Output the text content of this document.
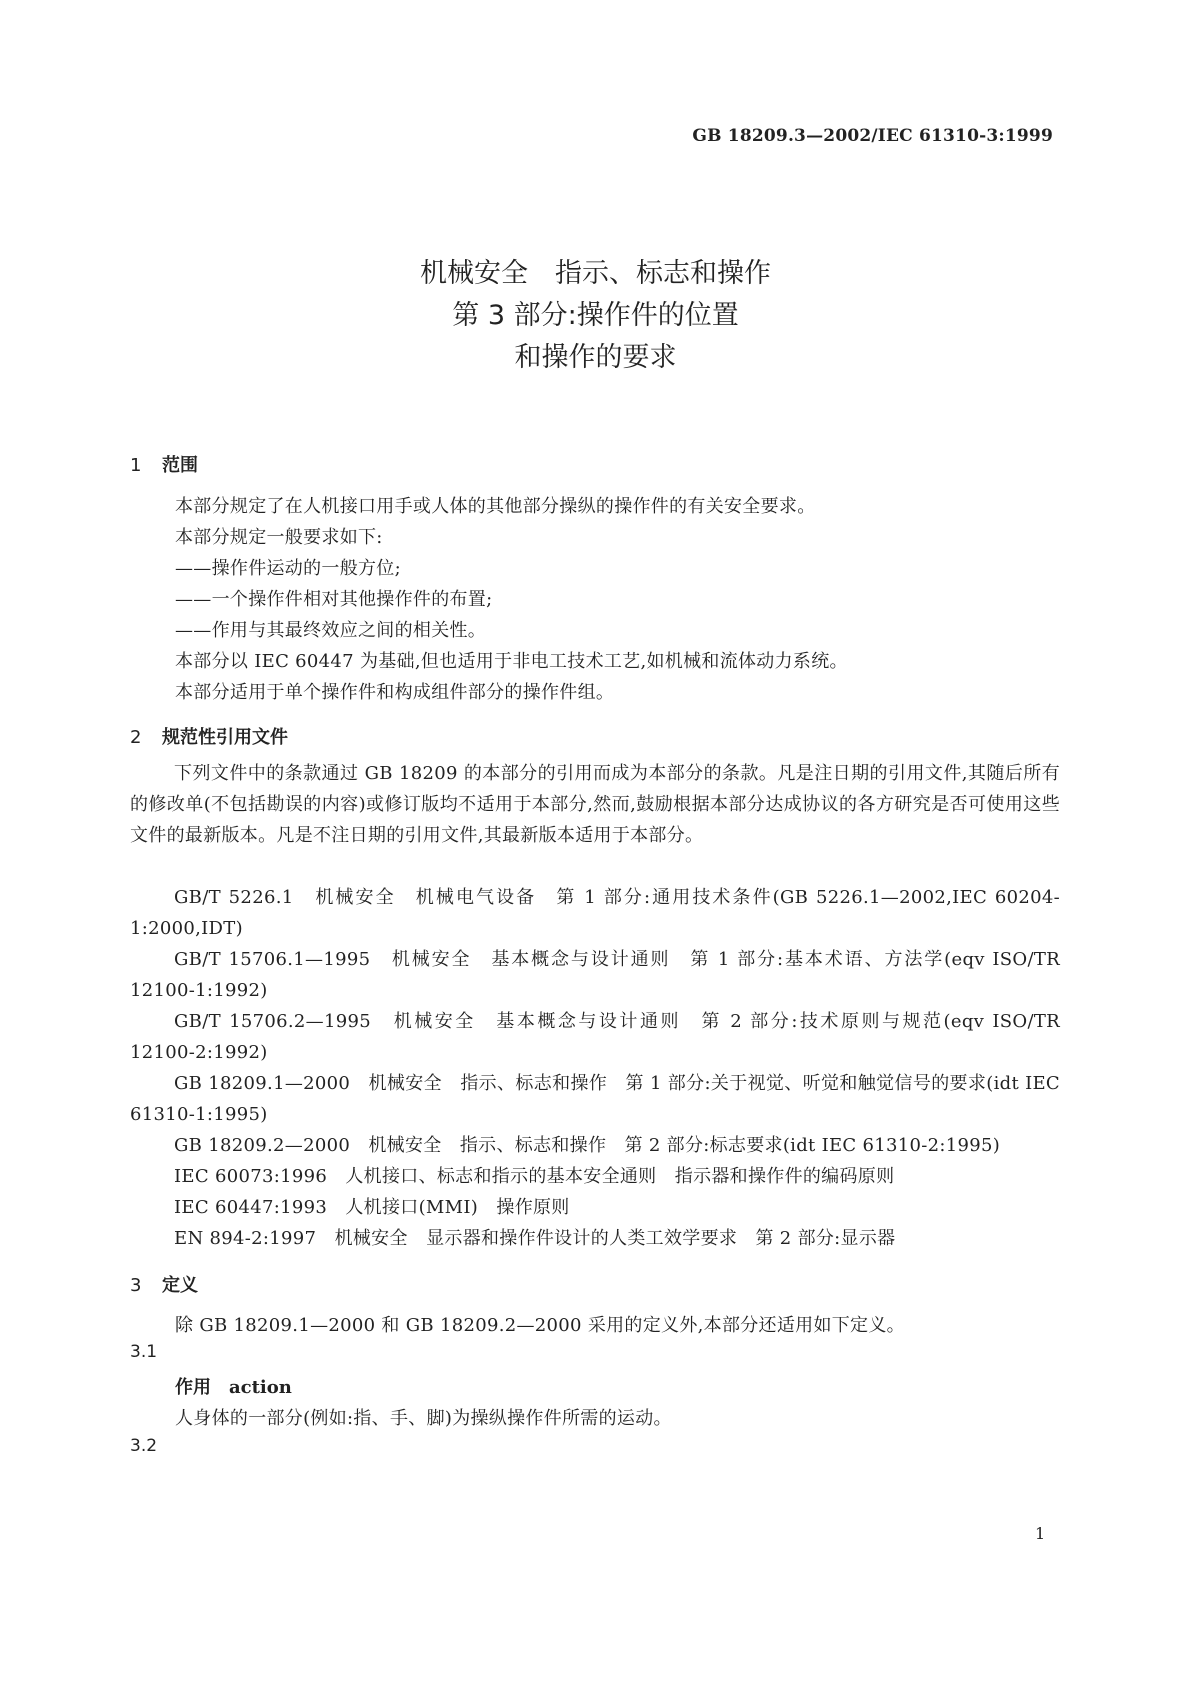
GB 18209.3—2002/IEC 61310-3:1999
机械安全　指示、标志和操作
第 3 部分:操作件的位置
和操作的要求
1 范围
本部分规定了在人机接口用手或人体的其他部分操纵的操作件的有关安全要求。
本部分规定一般要求如下:
——操作件运动的一般方位;
——一个操作件相对其他操作件的布置;
——作用与其最终效应之间的相关性。
本部分以 IEC 60447 为基础,但也适用于非电工技术工艺,如机械和流体动力系统。
本部分适用于单个操作件和构成组件部分的操作件组。
2 规范性引用文件
下列文件中的条款通过 GB 18209 的本部分的引用而成为本部分的条款。凡是注日期的引用文件,其随后所有的修改单(不包括勘误的内容)或修订版均不适用于本部分,然而,鼓励根据本部分达成协议的各方研究是否可使用这些文件的最新版本。凡是不注日期的引用文件,其最新版本适用于本部分。
GB/T 5226.1　机械安全　机械电气设备　第 1 部分:通用技术条件(GB 5226.1—2002,IEC 60204-1:2000,IDT)
GB/T 15706.1—1995　机械安全　基本概念与设计通则　第 1 部分:基本术语、方法学(eqv ISO/TR 12100-1:1992)
GB/T 15706.2—1995　机械安全　基本概念与设计通则　第 2 部分:技术原则与规范(eqv ISO/TR 12100-2:1992)
GB 18209.1—2000　机械安全　指示、标志和操作　第 1 部分:关于视觉、听觉和触觉信号的要求(idt IEC 61310-1:1995)
GB 18209.2—2000　机械安全　指示、标志和操作　第 2 部分:标志要求(idt IEC 61310-2:1995)
IEC 60073:1996　人机接口、标志和指示的基本安全通则　指示器和操作件的编码原则
IEC 60447:1993　人机接口(MMI)　操作原则
EN 894-2:1997　机械安全　显示器和操作件设计的人类工效学要求　第 2 部分:显示器
3 定义
除 GB 18209.1—2000 和 GB 18209.2—2000 采用的定义外,本部分还适用如下定义。
3.1
作用　action
人身体的一部分(例如:指、手、脚)为操纵操作件所需的运动。
3.2
1
